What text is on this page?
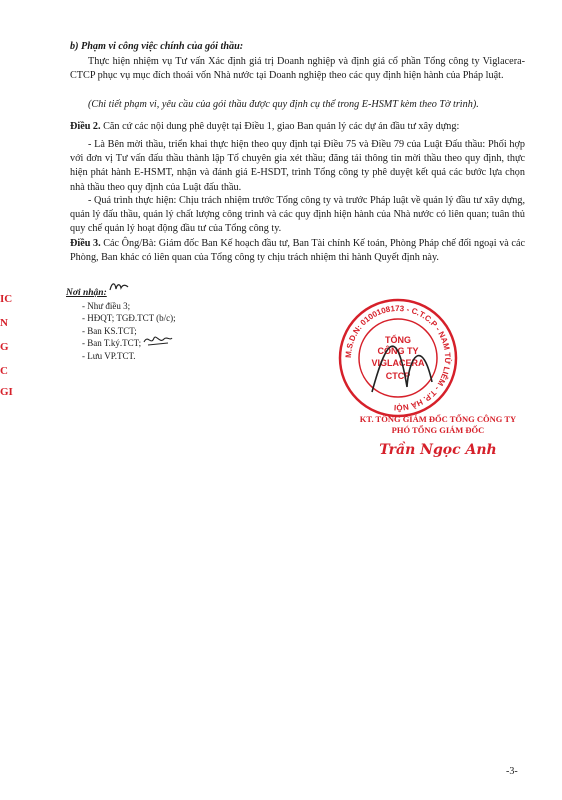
IC
N
G
C
GI
b) Phạm vi công việc chính của gói thầu:
Thực hiện nhiệm vụ Tư vấn Xác định giá trị Doanh nghiệp và định giá cổ phần Tổng công ty Viglacera-CTCP phục vụ mục đích thoái vốn Nhà nước tại Doanh nghiệp theo các quy định hiện hành của Pháp luật.
(Chi tiết phạm vi, yêu cầu của gói thầu được quy định cụ thể trong E-HSMT kèm theo Tờ trình).
Điều 2. Căn cứ các nội dung phê duyệt tại Điều 1, giao Ban quản lý các dự án đầu tư xây dựng:
- Là Bên mời thầu, triển khai thực hiện theo quy định tại Điều 75 và Điều 79 của Luật Đấu thầu: Phối hợp với đơn vị Tư vấn đấu thầu thành lập Tổ chuyên gia xét thầu; đăng tải thông tin mời thầu theo quy định, thực hiện phát hành E-HSMT, nhận và đánh giá E-HSDT, trình Tổng công ty phê duyệt kết quả các bước lựa chọn nhà thầu theo quy định của Luật đấu thầu.
- Quá trình thực hiện: Chịu trách nhiệm trước Tổng công ty và trước Pháp luật về quản lý đầu tư xây dựng, quản lý đấu thầu, quản lý chất lượng công trình và các quy định hiện hành của Nhà nước có liên quan; tuân thủ quy chế quản lý hoạt động đầu tư của Tổng công ty.
Điều 3. Các Ông/Bà: Giám đốc Ban Kế hoạch đầu tư, Ban Tài chính Kế toán, Phòng Pháp chế đối ngoại và các Phòng, Ban khác có liên quan của Tổng công ty chịu trách nhiệm thi hành Quyết định này.
Nơi nhận:
- Như điều 3;
- HĐQT; TGĐ.TCT (b/c);
- Ban KS.TCT;
- Ban T.ký.TCT;
- Lưu VP.TCT.	M.S.D.N: 0100108173 - C.T.C.P - NAM TỪ LIÊM - T.P. HÀ NỘI
TỔNG
CÔNG TY
VIGLACERA
CTCP
KT. TỔNG GIÁM ĐỐC TỔNG CÔNG TY
PHÓ TỔNG GIÁM ĐỐC
Trần Ngọc Anh
-3-
